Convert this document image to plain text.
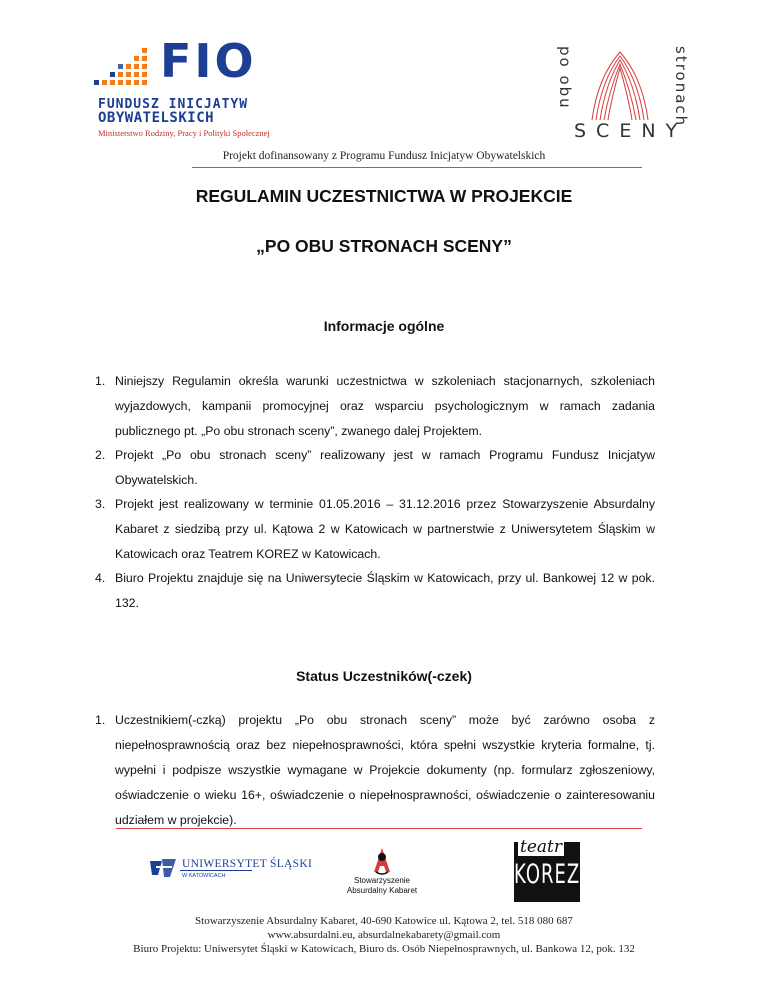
FIO
FUNDUSZ INICJATYW
OBYWATELSKICH
Ministerstwo Rodziny, Pracy i Polityki Społecznej
po obu	stronach
SCENY
Projekt dofinansowany z Programu Fundusz Inicjatyw Obywatelskich
REGULAMIN UCZESTNICTWA W PROJEKCIE
„PO OBU STRONACH SCENY”
Informacje ogólne
1. Niniejszy Regulamin określa warunki uczestnictwa w szkoleniach stacjonarnych, szkoleniach
wyjazdowych, kampanii promocyjnej oraz wsparciu psychologicznym w ramach zadania
publicznego pt. „Po obu stronach sceny”, zwanego dalej Projektem.
2. Projekt „Po obu stronach sceny” realizowany jest w ramach Programu Fundusz Inicjatyw
Obywatelskich.
3. Projekt jest realizowany w terminie 01.05.2016 – 31.12.2016 przez Stowarzyszenie Absurdalny
Kabaret z siedzibą przy ul. Kątowa 2 w Katowicach w partnerstwie z Uniwersytetem Śląskim w
Katowicach oraz Teatrem KOREZ w Katowicach.
4. Biuro Projektu znajduje się na Uniwersytecie Śląskim w Katowicach, przy ul. Bankowej 12 w pok.
132.
Status Uczestników(-czek)
1. Uczestnikiem(-czką) projektu „Po obu stronach sceny” może być zarówno osoba z
niepełnosprawnością oraz bez niepełnosprawności, która spełni wszystkie kryteria formalne, tj.
wypełni i podpisze wszystkie wymagane w Projekcie dokumenty (np. formularz zgłoszeniowy,
oświadczenie o wieku 16+, oświadczenie o niepełnosprawności, oświadczenie o zainteresowaniu
udziałem w projekcie).
UNIWERSYTET ŚLĄSKI
W KATOWICACH	Stowarzyszenie
Absurdalny Kabaret
teatr
KOREZ
Stowarzyszenie Absurdalny Kabaret, 40-690 Katowice ul. Kątowa 2, tel. 518 080 687
www.absurdalni.eu, absurdalnekabarety@gmail.com
Biuro Projektu: Uniwersytet Śląski w Katowicach, Biuro ds. Osób Niepełnosprawnych, ul. Bankowa 12, pok. 132
